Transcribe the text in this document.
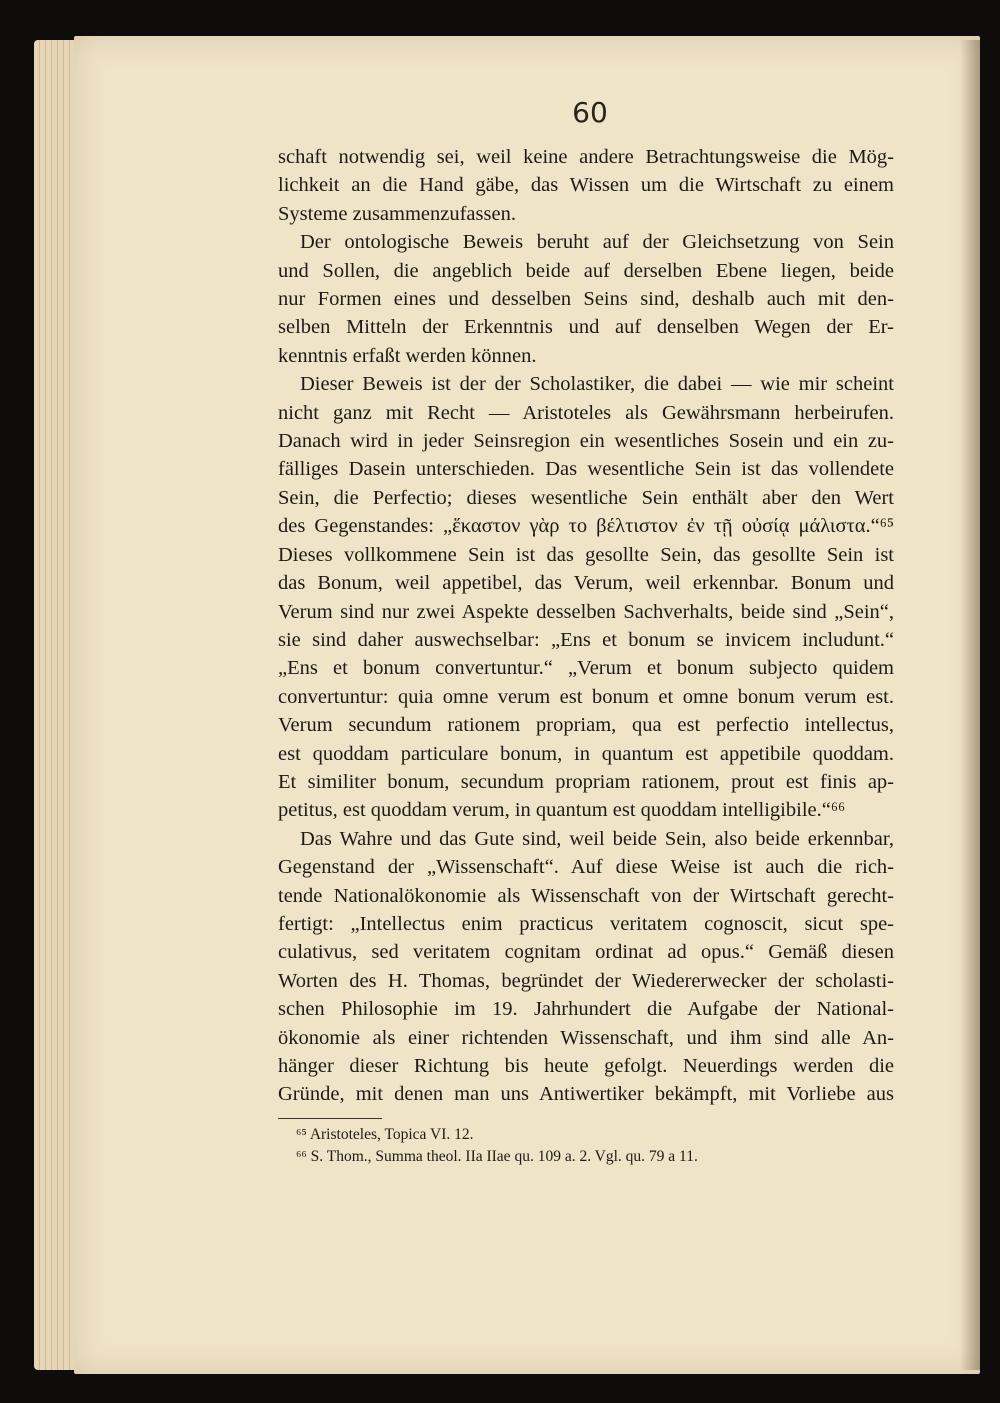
60

schaft notwendig sei, weil keine andere Betrachtungsweise die Mög-

lichkeit an die Hand gäbe, das Wissen um die Wirtschaft zu einem

Systeme zusammenzufassen.

Der ontologische Beweis beruht auf der Gleichsetzung von Sein

und Sollen, die angeblich beide auf derselben Ebene liegen, beide

nur Formen eines und desselben Seins sind, deshalb auch mit den-

selben Mitteln der Erkenntnis und auf denselben Wegen der Er-

kenntnis erfaßt werden können.

Dieser Beweis ist der der Scholastiker, die dabei — wie mir scheint

nicht ganz mit Recht — Aristoteles als Gewährsmann herbeirufen.

Danach wird in jeder Seinsregion ein wesentliches Sosein und ein zu-

fälliges Dasein unterschieden. Das wesentliche Sein ist das vollendete

Sein, die Perfectio; dieses wesentliche Sein enthält aber den Wert

des Gegenstandes: „ἕκαστον γὰρ το βέλτιστον ἐν τῇ οὐσίᾳ μάλιστα.“⁶⁵

Dieses vollkommene Sein ist das gesollte Sein, das gesollte Sein ist

das Bonum, weil appetibel, das Verum, weil erkennbar. Bonum und

Verum sind nur zwei Aspekte desselben Sachverhalts, beide sind „Sein“,

sie sind daher auswechselbar: „Ens et bonum se invicem includunt.“

„Ens et bonum convertuntur.“ „Verum et bonum subjecto quidem

convertuntur: quia omne verum est bonum et omne bonum verum est.

Verum secundum rationem propriam, qua est perfectio intellectus,

est quoddam particulare bonum, in quantum est appetibile quoddam.

Et similiter bonum, secundum propriam rationem, prout est finis ap-

petitus, est quoddam verum, in quantum est quoddam intelligibile.“⁶⁶

Das Wahre und das Gute sind, weil beide Sein, also beide erkennbar,

Gegenstand der „Wissenschaft“. Auf diese Weise ist auch die rich-

tende Nationalökonomie als Wissenschaft von der Wirtschaft gerecht-

fertigt: „Intellectus enim practicus veritatem cognoscit, sicut spe-

culativus, sed veritatem cognitam ordinat ad opus.“ Gemäß diesen

Worten des H. Thomas, begründet der Wiedererwecker der scholasti-

schen Philosophie im 19. Jahrhundert die Aufgabe der National-

ökonomie als einer richtenden Wissenschaft, und ihm sind alle An-

hänger dieser Richtung bis heute gefolgt. Neuerdings werden die

Gründe, mit denen man uns Antiwertiker bekämpft, mit Vorliebe aus

⁶⁵ Aristoteles, Topica VI. 12.

⁶⁶ S. Thom., Summa theol. IIa IIae qu. 109 a. 2. Vgl. qu. 79 a 11.
